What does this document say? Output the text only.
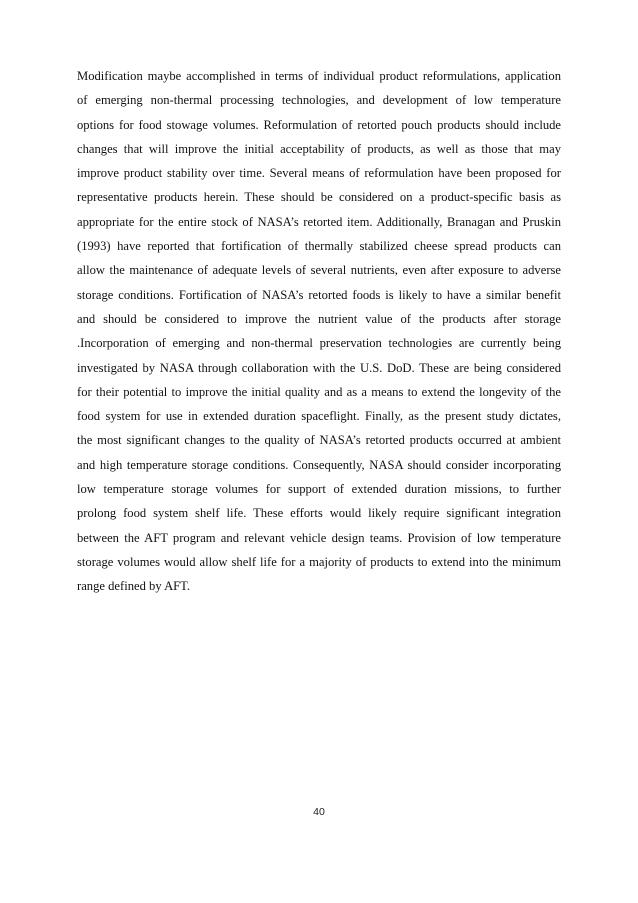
Modification maybe accomplished in terms of individual product reformulations, application
of emerging non-thermal processing technologies, and development of low temperature
options for food stowage volumes. Reformulation of retorted pouch products should include
changes that will improve the initial acceptability of products, as well as those that may
improve product stability over time. Several means of reformulation have been proposed for
representative products herein. These should be considered on a product-specific basis as
appropriate for the entire stock of NASA’s retorted item. Additionally, Branagan and Pruskin
(1993) have reported that fortification of thermally stabilized cheese spread products can
allow the maintenance of adequate levels of several nutrients, even after exposure to adverse
storage conditions. Fortification of NASA’s retorted foods is likely to have a similar benefit
and should be considered to improve the nutrient value of the products after storage
.Incorporation of emerging and non-thermal preservation technologies are currently being
investigated by NASA through collaboration with the U.S. DoD. These are being considered
for their potential to improve the initial quality and as a means to extend the longevity of the
food system for use in extended duration spaceflight. Finally, as the present study dictates,
the most significant changes to the quality of NASA’s retorted products occurred at ambient
and high temperature storage conditions. Consequently, NASA should consider incorporating
low temperature storage volumes for support of extended duration missions, to further
prolong food system shelf life. These efforts would likely require significant integration
between the AFT program and relevant vehicle design teams. Provision of low temperature
storage volumes would allow shelf life for a majority of products to extend into the minimum
range defined by AFT.

40
